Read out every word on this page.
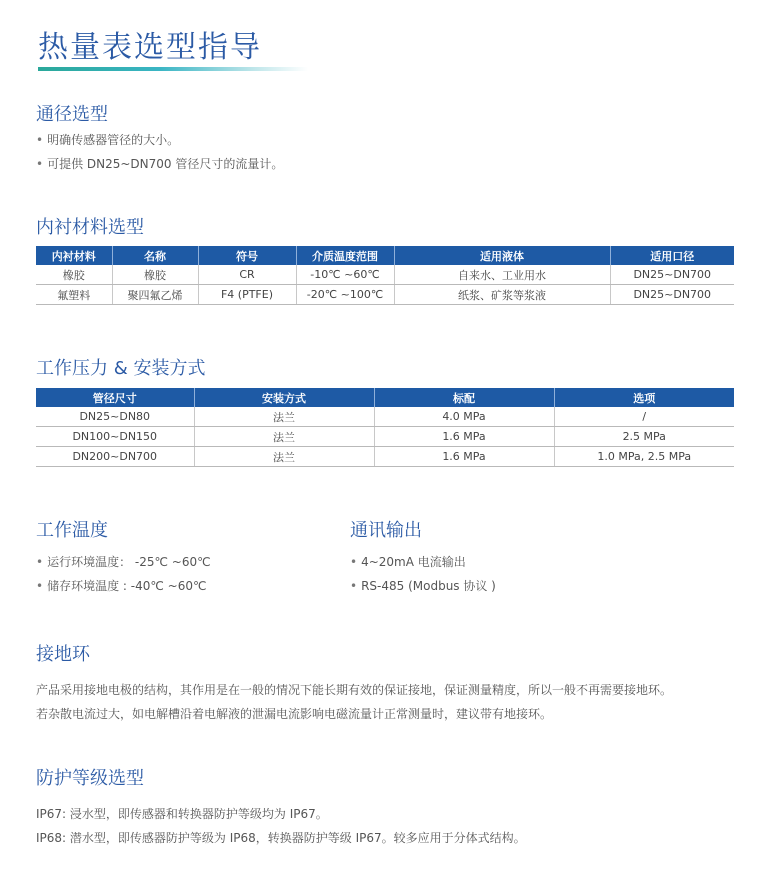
热量表选型指导
通径选型
• 明确传感器管径的大小。
• 可提供 DN25~DN700 管径尺寸的流量计。
内衬材料选型
内衬材料	名称	符号	介质温度范围	适用液体	适用口径
橡胶	橡胶	CR	-10℃ ~60℃	自来水、工业用水	DN25~DN700
氟塑料	聚四氟乙烯	F4 (PTFE)	-20℃ ~100℃	纸浆、矿浆等浆液	DN25~DN700
工作压力 & 安装方式
管径尺寸	安装方式	标配	选项
DN25~DN80	法兰	4.0 MPa	/
DN100~DN150	法兰	1.6 MPa	2.5 MPa
DN200~DN700	法兰	1.6 MPa	1.0 MPa, 2.5 MPa
工作温度
• 运行环境温度： -25℃ ~60℃
• 储存环境温度 : -40℃ ~60℃
通讯输出
• 4~20mA 电流输出
• RS-485 (Modbus 协议 )
接地环
产品采用接地电极的结构，其作用是在一般的情况下能长期有效的保证接地，保证测量精度，所以一般不再需要接地环。
若杂散电流过大，如电解槽沿着电解液的泄漏电流影响电磁流量计正常测量时，建议带有地接环。
防护等级选型
IP67: 浸水型，即传感器和转换器防护等级均为 IP67。
IP68: 潜水型，即传感器防护等级为 IP68，转换器防护等级 IP67。较多应用于分体式结构。
